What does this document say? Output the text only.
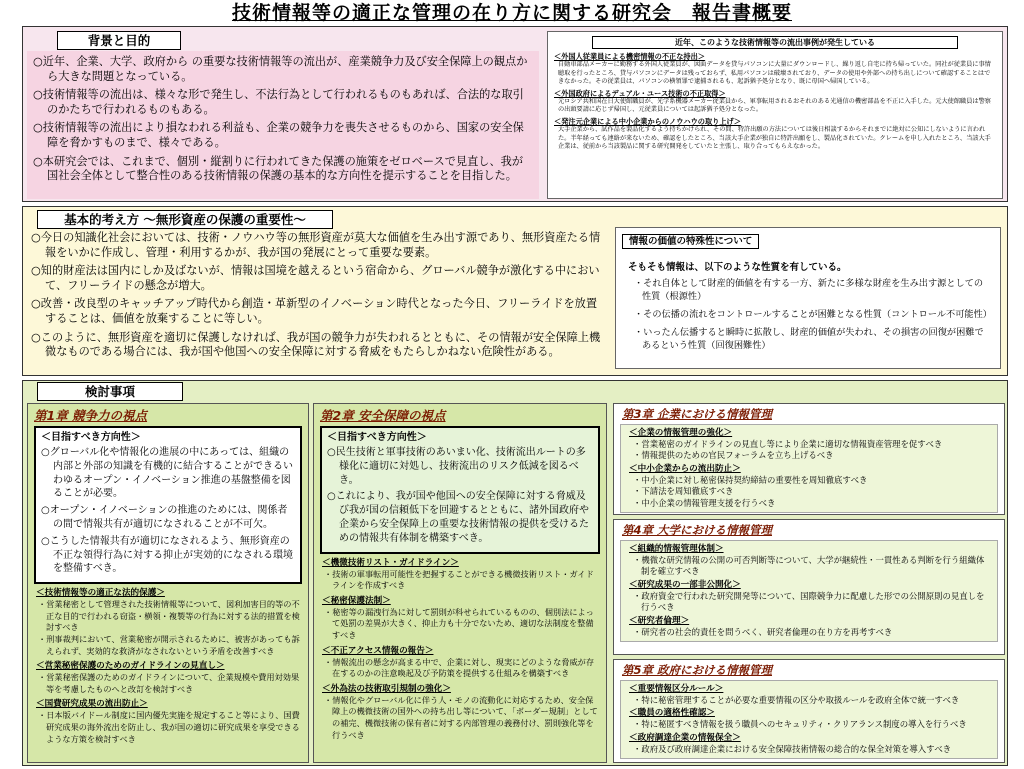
技術情報等の適正な管理の在り方に関する研究会　報告書概要
背景と目的

○近年、企業、大学、政府から の重要な技術情報等の流出が、産業競争力及び安全保障上の観点から大きな問題となっている。

○技術情報等の流出は、様々な形で発生し、不法行為として行われるものもあれば、合法的な取引のかたちで行われるものもある。

○技術情報等の流出により損なわれる利益も、企業の競争力を喪失させるものから、国家の安全保障を脅かすものまで、様々である。

○本研究会では、これまで、個別・縦割りに行われてきた保護の施策をゼロベースで見直し、我が国社会全体として整合性のある技術情報の保護の基本的な方向性を提示することを目指した。

近年、このような技術情報等の流出事例が発生している
＜外国人従業員による機密情報の不正な持出＞
自動車部品メーカーに勤務する外国人従業員が、図面データを貸与パソコンに大量にダウンロードし、繰り返し自宅に持ち帰っていた。同社が従業員に事情聴取を行ったところ、貸与パソコンにデータは残っておらず、私用パソコンは破壊されており、データの使用や外部への持ち出しについて確認することはできなかった。その従業員は、パソコンの横領罪で逮捕されるも、起訴猶予処分となり、既に母国へ帰国している。
＜外国政府によるデュアル・ユース技術の不正取得＞
元ロシア共和国在日大使館職員が、光学系機器メーカー従業員から、軍事転用されるおそれのある光通信の機密部品を不正に入手した。元大使館職員は警察の出頭要請に応じず帰国し、元従業員については起訴猶予処分となった。
＜発注元企業による中小企業からのノウハウの取り上げ＞
大手企業から、試作品を製品化するよう持ちかけられ、その間、特許出願の方法については後日相談するからそれまでに絶対に公知にしないように言われた。半年経っても連絡が来ないため、確認をしたところ、当該大手企業が独自に特許出願をし、製品化されていた。クレームを申し入れたところ、当該大手企業は、従前から当該製品に関する研究開発をしていたと主張し、取り合ってもらえなかった。
基本的考え方 ～無形資産の保護の重要性～

○今日の知識化社会においては、技術・ノウハウ等の無形資産が莫大な価値を生み出す源であり、無形資産たる情報をいかに作成し、管理・利用するかが、我が国の発展にとって重要な要素。

○知的財産法は国内にしか及ばないが、情報は国境を越えるという宿命から、グローバル競争が激化する中において、フリーライドの懸念が増大。

○改善・改良型のキャッチアップ時代から創造・革新型のイノベーション時代となった今日、フリーライドを放置することは、価値を放棄することに等しい。

○このように、無形資産を適切に保護しなければ、我が国の競争力が失われるとともに、その情報が安全保障上機微なものである場合には、我が国や他国への安全保障に対する脅威をもたらしかねない危険性がある。

情報の価値の特殊性について
そもそも情報は、以下のような性質を有している。
・それ自体として財産的価値を有する一方、新たに多様な財産を生み出す源としての性質（根源性）
・その伝播の流れをコントロールすることが困難となる性質（コントロール不可能性）
・いったん伝播すると瞬時に拡散し、財産的価値が失われ、その損害の回復が困難であるという性質（回復困難性）
検討事項
第1章 競争力の視点
＜目指すべき方向性＞
○グローバル化や情報化の進展の中にあっては、組織の内部と外部の知識を有機的に結合することができるいわゆるオープン・イノベーション推進の基盤整備を図ることが必要。
○オープン・イノベーションの推進のためには、関係者の間で情報共有が適切になされることが不可欠。
○こうした情報共有が適切になされるよう、無形資産の不正な領得行為に対する抑止が実効的になされる環境を整備すべき。
＜技術情報等の適正な法的保護＞
・営業秘密として管理された技術情報等について、図利加害目的等の不正な目的で行われる窃盗・横領・複製等の行為に対する法的措置を検討すべき
・刑事裁判において、営業秘密が開示されるために、被害があっても訴えられず、実効的な救済がなされないという矛盾を改善すべき
＜営業秘密保護のためのガイドラインの見直し＞
・営業秘密保護のためのガイドラインについて、企業規模や費用対効果等を考慮したものへと改訂を検討すべき
＜国費研究成果の流出防止＞
・日本版バイドール制度に国内優先実施を規定すること等により、国費研究成果の海外流出を防止し、我が国の適切に研究成果を享受できるような方策を検討すべき
第2章 安全保障の視点
＜目指すべき方向性＞
○民生技術と軍事技術のあいまい化、技術流出ルートの多様化に適切に対処し、技術流出のリスク低減を図るべき。
○これにより、我が国や他国への安全保障に対する脅威及び我が国の信頼低下を回避するとともに、諸外国政府や企業から安全保障上の重要な技術情報の提供を受けるための情報共有体制を構築すべき。
＜機微技術リスト・ガイドライン＞
・技術の軍事転用可能性を把握することができる機微技術リスト・ガイドラインを作成すべき
＜秘密保護法制＞
・秘密等の漏洩行為に対して罰則が科せられているものの、個別法によって処罰の差異が大きく、抑止力も十分でないため、適切な法制度を整備すべき
＜不正アクセス情報の報告＞
・情報流出の懸念が高まる中で、企業に対し、現実にどのような脅威が存在するのかの注意喚起及び予防策を提供する仕組みを構築すべき
＜外為法の技術取引規制の強化＞
・情報化やグローバル化に伴う人・モノの流動化に対応するため、安全保障上の機微技術の国外への持ち出し等について、「ボーダー規制」としての補完、機微技術の保有者に対する内部管理の義務付け、罰則強化等を行うべき
第3章 企業における情報管理
＜企業の情報管理の強化＞
・営業秘密のガイドラインの見直し等により企業に適切な情報資産管理を促すべき
・情報提供のための官民フォーラムを立ち上げるべき
＜中小企業からの流出防止＞
・中小企業に対し秘密保持契約締結の重要性を周知徹底すべき
・下請法を周知徹底すべき
・中小企業の情報管理支援を行うべき
第4章 大学における情報管理
＜組織的情報管理体制＞
・機微な研究情報の公開の可否判断等について、大学が継続性・一貫性ある判断を行う組織体制を確立すべき
＜研究成果の一部非公開化＞
・政府資金で行われた研究開発等について、国際競争力に配慮した形での公開原則の見直しを行うべき
＜研究者倫理＞
・研究者の社会的責任を問うべく、研究者倫理の在り方を再考すべき
第5章 政府における情報管理
＜重要情報区分ルール＞
・特に秘密管理することが必要な重要情報の区分や取扱ルールを政府全体で統一すべき
＜職員の適格性確認＞
・特に秘匿すべき情報を扱う職員へのセキュリティ・クリアランス制度の導入を行うべき
＜政府調達企業の情報保全＞
・政府及び政府調達企業における安全保障技術情報の総合的な保全対策を導入すべき
